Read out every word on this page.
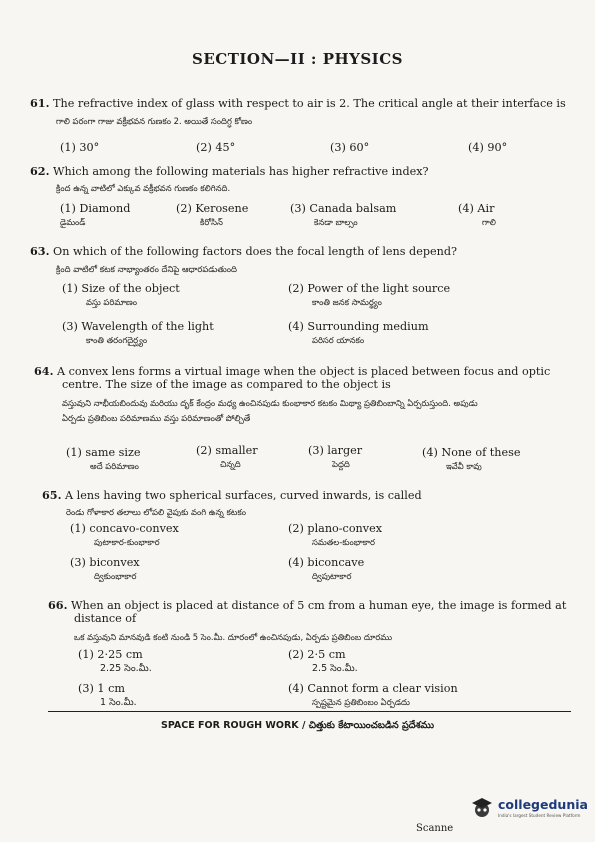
SECTION—II : PHYSICS
61. The refractive index of glass with respect to air is 2. The critical angle at their interface is
గాలి పరంగా గాజు వక్రీభవన గుణకం 2. అయితే సందిగ్ధ కోణం
(1) 30°	(2) 45°	(3) 60°	(4) 90°
62. Which among the following materials has higher refractive index?
క్రింద ఉన్న వాటిలో ఎక్కువ వక్రీభవన గుణకం కలిగినది.
(1) Diamond
డైమండ్
(2) Kerosene
కిరోసిన్
(3) Canada balsam
కెనడా బాల్సం
(4) Air
గాలి
63. On which of the following factors does the focal length of lens depend?
క్రింది వాటిలో కటక నాభ్యాంతరం దేనిపై ఆధారపడుతుంది
(1) Size of the object
వస్తు పరిమాణం
(2) Power of the light source
కాంతి జనక సామర్థ్యం
(3) Wavelength of the light
కాంతి తరంగదైర్ఘ్యం
(4) Surrounding medium
పరిసర యానకం
64. A convex lens forms a virtual image when the object is placed between focus and optic
centre. The size of the image as compared to the object is
వస్తువుని నాభీయబిందువు మరియు దృక్ కేంద్రం మధ్య ఉంచినపుడు కుంభాకార కటకం మిథ్యా ప్రతిబింబాన్ని ఏర్పరుస్తుంది. అపుడు
ఏర్పడు ప్రతిబింబ పరిమాణము వస్తు పరిమాణంతో పోల్చితే
(1) same size
అదే పరిమాణం
(2) smaller
చిన్నది
(3) larger
పెద్దది
(4) None of these
ఇవేవీ కావు
65. A lens having two spherical surfaces, curved inwards, is called
రెండు గోళాకార తలాలు లోపలి వైపుకు వంగి ఉన్న కటకం
(1) concavo-convex
పుటాకార-కుంభాకార
(2) plano-convex
సమతల-కుంభాకార
(3) biconvex
ద్వికుంభాకార
(4) biconcave
ద్విపుటాకార
66. When an object is placed at distance of 5 cm from a human eye, the image is formed at
distance of
ఒక వస్తువుని మానవుడి కంటి నుండి 5 సెం.మీ. దూరంలో ఉంచినపుడు, ఏర్పడు ప్రతిబింబ దూరము
(1) 2·25 cm
2.25 సెం.మీ.
(2) 2·5 cm
2.5 సెం.మీ.
(3) 1 cm
1 సెం.మీ.
(4) Cannot form a clear vision
స్పష్టమైన ప్రతిబింబం ఏర్పడదు
SPACE FOR ROUGH WORK / చిత్తుకు కేటాయించబడిన ప్రదేశము
Scanne
collegedunia
India's largest Student Review Platform
